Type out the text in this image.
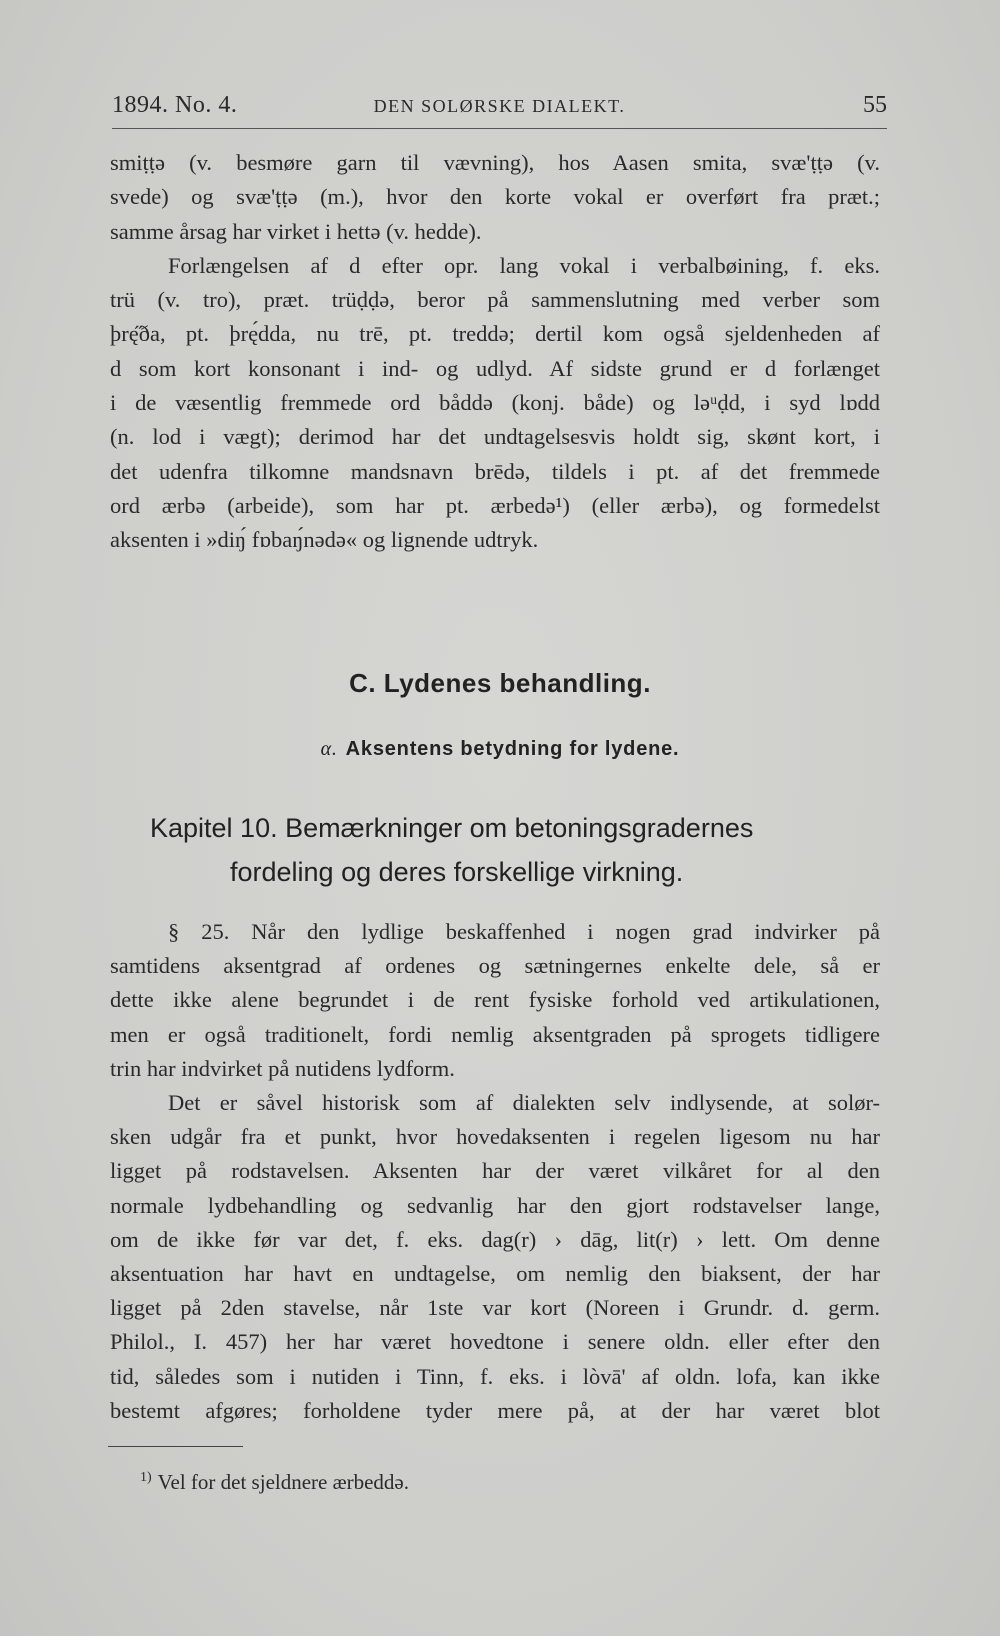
1894. No. 4.	DEN SOLØRSKE DIALEKT.	55
smiṭṭə (v. besmøre garn til vævning), hos Aasen smita, svæ'ṭṭə (v.
svede) og svæ'ṭṭə (m.), hvor den korte vokal er overført fra præt.;
samme årsag har virket i hettə (v. hedde).
Forlængelsen af d efter opr. lang vokal i verbalbøining, f. eks.
trü (v. tro), præt. trüḍḍə, beror på sammenslutning med verber som
þrę̋ða, pt. þrę́dda, nu trē, pt. treddə; dertil kom også sjeldenheden af
d som kort konsonant i ind- og udlyd. Af sidste grund er d forlænget
i de væsentlig fremmede ord båddə (konj. både) og lǝᵘḍd, i syd lɒdd
(n. lod i vægt); derimod har det undtagelsesvis holdt sig, skønt kort, i
det udenfra tilkomne mandsnavn brēdə, tildels i pt. af det fremmede
ord ærbə (arbeide), som har pt. ærbedə¹) (eller ærbə), og formedelst
aksenten i »diŋ́ fɒbaŋ́nədə« og lignende udtryk.
C. Lydenes behandling.
α. Aksentens betydning for lydene.
Kapitel 10. Bemærkninger om betoningsgradernes
fordeling og deres forskellige virkning.
§ 25. Når den lydlige beskaffenhed i nogen grad indvirker på
samtidens aksentgrad af ordenes og sætningernes enkelte dele, så er
dette ikke alene begrundet i de rent fysiske forhold ved artikulationen,
men er også traditionelt, fordi nemlig aksentgraden på sprogets tidligere
trin har indvirket på nutidens lydform.
Det er såvel historisk som af dialekten selv indlysende, at solør-
sken udgår fra et punkt, hvor hovedaksenten i regelen ligesom nu har
ligget på rodstavelsen. Aksenten har der været vilkåret for al den
normale lydbehandling og sedvanlig har den gjort rodstavelser lange,
om de ikke før var det, f. eks. dag(r) › dāg, lit(r) › lett. Om denne
aksentuation har havt en undtagelse, om nemlig den biaksent, der har
ligget på 2den stavelse, når 1ste var kort (Noreen i Grundr. d. germ.
Philol., I. 457) her har været hovedtone i senere oldn. eller efter den
tid, således som i nutiden i Tinn, f. eks. i lòvā' af oldn. lofa, kan ikke
bestemt afgøres; forholdene tyder mere på, at der har været blot
$^{1)}$ Vel for det sjeldnere ærbeddə.
